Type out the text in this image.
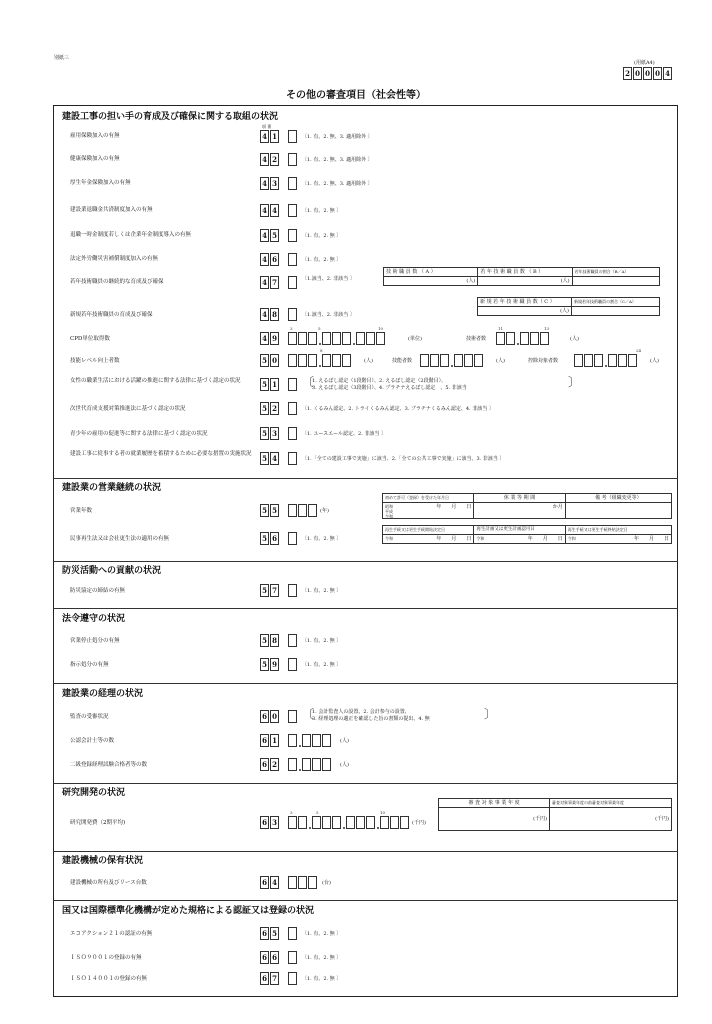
別紙三
(用紙A4)
2 0 0 0 4
その他の審査項目（社会性等）
建設工事の担い手の育成及び確保に関する取組の状況
項 番
雇用保険加入の有無	4 1	〔1. 有、2. 無、3. 適用除外 〕
健康保険加入の有無	4 2	〔1. 有、2. 無、3. 適用除外 〕
厚生年金保険加入の有無	4 3	〔1. 有、2. 無、3. 適用除外 〕
建設業退職金共済制度加入の有無	4 4	〔1. 有、2. 無 〕
退職一時金制度若しくは企業年金制度導入の有無	4 5	〔1. 有、2. 無 〕
法定外労働災害補償制度加入の有無	4 6	〔1. 有、2. 無 〕
若年技術職員の継続的な育成及び確保	4 7	〔1.該当、2. 非該当 〕
技 術 職 員 数 （ A ）	若 年 技 術 職 員 数 （ B ）	若年技術職員の割合（B／A）
(人)	(人)
新規若年技術職員の育成及び確保	4 8	〔1.該当、2. 非該当 〕
新 規 若 年 技 術 職 員 数（ C ）	新規若年技術職員の割合（C／A）
(人)
CPD単位取得数	4 9
3	5	10
(単位)	技術者数
11	13
(人)
技能レベル向上者数	5 0
8
(人)	技能者数	(人)	控除対象者数
24
(人)
女性の職業生活における活躍の推進に関する法律に基づく認定の状況	5 1 〔
1. えるぼし認定（1段階目）、2. えるぼし認定（2段階目）、
3. えるぼし認定（3段階目）、4. プラチナえるぼし認定　、5. 非該当	〕
次世代育成支援対策推進法に基づく認定の状況	5 2	〔1. くるみん認定、2. トライくるみん認定、3. プラチナくるみん認定、4. 非該当 〕
青少年の雇用の促進等に関する法律に基づく認定の状況	5 3	〔1. ユースエール認定、2. 非該当 〕
建設工事に従事する者の就業履歴を蓄積するために必要な措置の実施状況	5 4	〔1.「全ての建設工事で実施」に該当、2.「全ての公共工事で実施」に該当、3. 非該当 〕
建設業の営業継続の状況
営業年数	5 5	(年)
初めて許可（登録）を受けた年月日	休 業 等 期 間	備 考（組織変更等）
昭和
平成
令和
年　　月　　日	か月
民事再生法又は会社更生法の適用の有無	5 6	〔1. 有、2. 無 〕
再生手続又は更生手続開始決定日	再生計画又は更生計画認可日	再生手続又は更生手続終結決定日
令和	年　　月　　日 令和	年　　月　　日 令和	年　　月　　日
防災活動への貢献の状況
防災協定の締結の有無	5 7	〔1. 有、2. 無 〕
法令遵守の状況
営業停止処分の有無	5 8	〔1. 有、2. 無 〕
指示処分の有無	5 9	〔1. 有、2. 無 〕
建設業の経理の状況
監査の受審状況	6 0 〔
1. 会計監査人の設置、2. 会計参与の設置、
3. 経理処理の適正を確認した旨の書類の提出、4. 無	〕
公認会計士等の数	6 1	(人)
二級登録経理試験合格者等の数	6 2	(人)
研究開発の状況
研究開発費（2期平均)	6 3
3	5	10
(千円)
審 査 対 象 事 業 年 度	審査対象事業年度の前審査対象事業年度
(千円)	(千円)
建設機械の保有状況
建設機械の所有及びリース台数	6 4	(台)
国又は国際標準化機構が定めた規格による認証又は登録の状況
エコアクション２１の認証の有無	6 5	〔1. 有、2. 無 〕
ＩＳＯ９００１の登録の有無	6 6	〔1. 有、2. 無 〕
ＩＳＯ１４００１の登録の有無	6 7	〔1. 有、2. 無 〕
